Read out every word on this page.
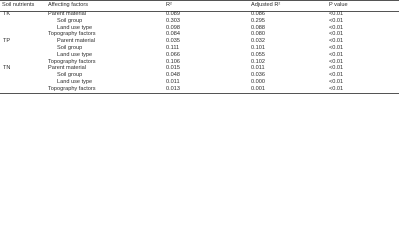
Soil nutrients	Affecting factors	R²	Adjusted R²	P value
TK	Parent material	0.089	0.086	<0.01
	Soil group	0.303	0.295	<0.01
	Land use type	0.098	0.088	<0.01
	Topography factors	0.084	0.080	<0.01
TP	Parent material	0.035	0.032	<0.01
	Soil group	0.111	0.101	<0.01
	Land use type	0.066	0.055	<0.01
	Topography factors	0.106	0.102	<0.01
TN	Parent material	0.015	0.011	<0.01
	Soil group	0.048	0.036	<0.01
	Land use type	0.011	0.000	<0.01
	Topography factors	0.013	0.001	<0.01
